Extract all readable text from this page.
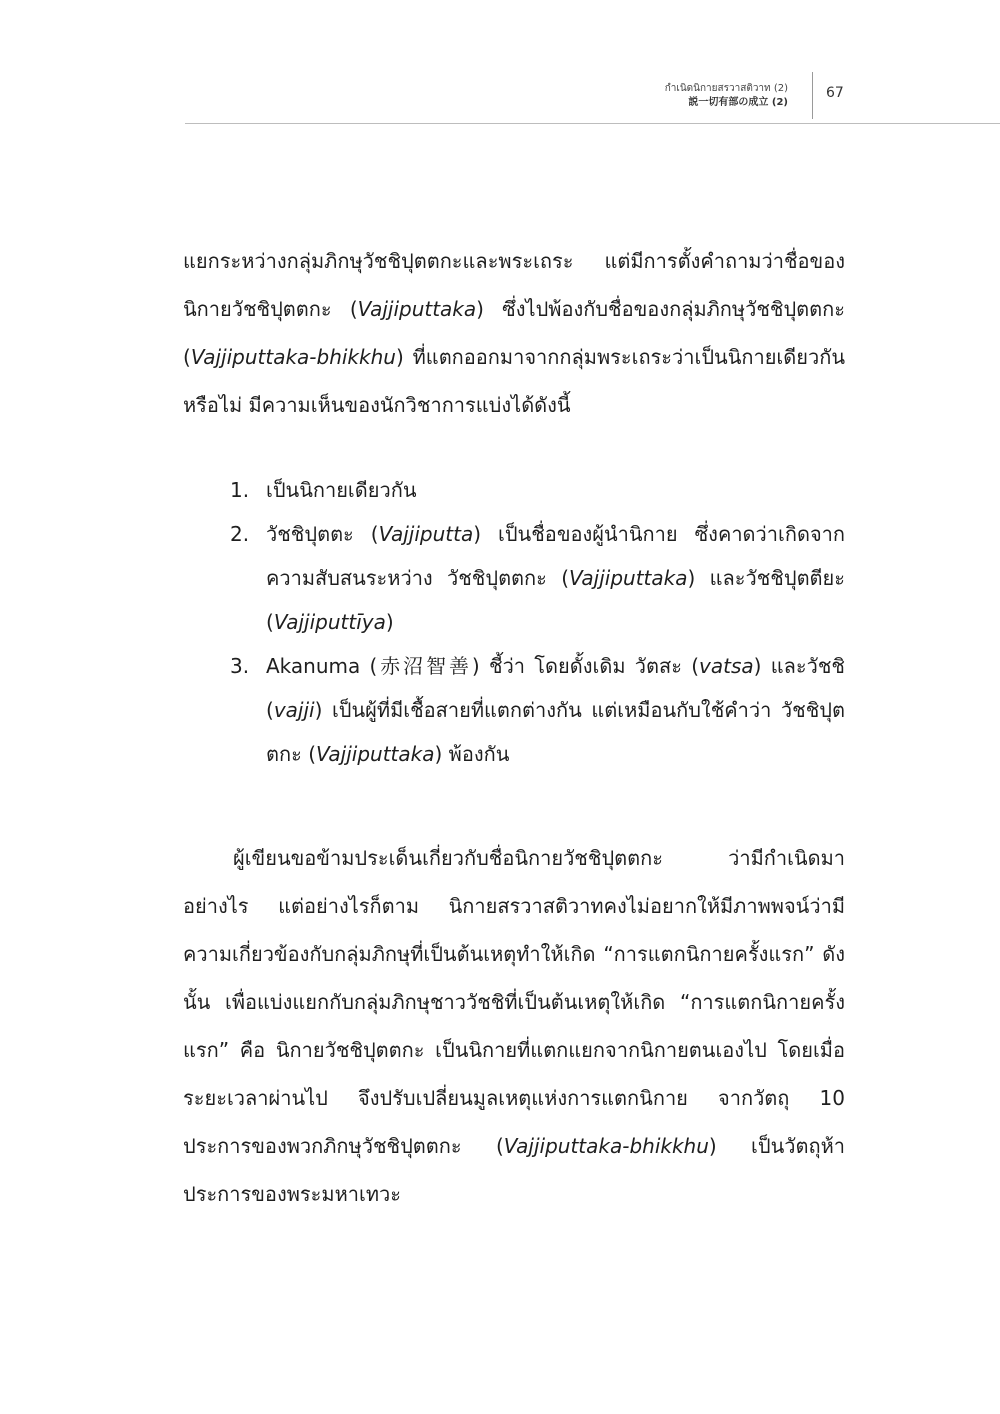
กำเนิดนิกายสรวาสติวาท (2)
説一切有部の成立 (2)
67

แยกระหว่างกลุ่มภิกษุวัชชิปุตตกะและพระเถระ แต่มีการตั้งคำถามว่าชื่อของนิกายวัชชิปุตตกะ (Vajjiputtaka) ซึ่งไปพ้องกับชื่อของกลุ่มภิกษุวัชชิปุตตกะ (Vajjiputtaka-bhikkhu) ที่แตกออกมาจากกลุ่มพระเถระว่าเป็นนิกายเดียวกันหรือไม่ มีความเห็นของนักวิชาการแบ่งได้ดังนี้

1. เป็นนิกายเดียวกัน
2. วัชชิปุตตะ (Vajjiputta) เป็นชื่อของผู้นำนิกาย ซึ่งคาดว่าเกิดจากความสับสนระหว่าง วัชชิปุตตกะ (Vajjiputtaka) และวัชชิปุตตียะ (Vajjiputtīya)
3. Akanuma (赤沼智善) ชี้ว่า โดยดั้งเดิม วัตสะ (vatsa) และวัชชิ (vajji) เป็นผู้ที่มีเชื้อสายที่แตกต่างกัน แต่เหมือนกับใช้คำว่า วัชชิปุตตกะ (Vajjiputtaka) พ้องกัน

ผู้เขียนขอข้ามประเด็นเกี่ยวกับชื่อนิกายวัชชิปุตตกะ ว่ามีกำเนิดมาอย่างไร แต่อย่างไรก็ตาม นิกายสรวาสติวาทคงไม่อยากให้มีภาพพจน์ว่ามีความเกี่ยวข้องกับกลุ่มภิกษุที่เป็นต้นเหตุทำให้เกิด “การแตกนิกายครั้งแรก” ดังนั้น เพื่อแบ่งแยกกับกลุ่มภิกษุชาววัชชิที่เป็นต้นเหตุให้เกิด “การแตกนิกายครั้งแรก” คือ นิกายวัชชิปุตตกะ เป็นนิกายที่แตกแยกจากนิกายตนเองไป โดยเมื่อระยะเวลาผ่านไป จึงปรับเปลี่ยนมูลเหตุแห่งการแตกนิกาย จากวัตถุ 10 ประการของพวกภิกษุวัชชิปุตตกะ (Vajjiputtaka-bhikkhu) เป็นวัตถุห้าประการของพระมหาเทวะ
